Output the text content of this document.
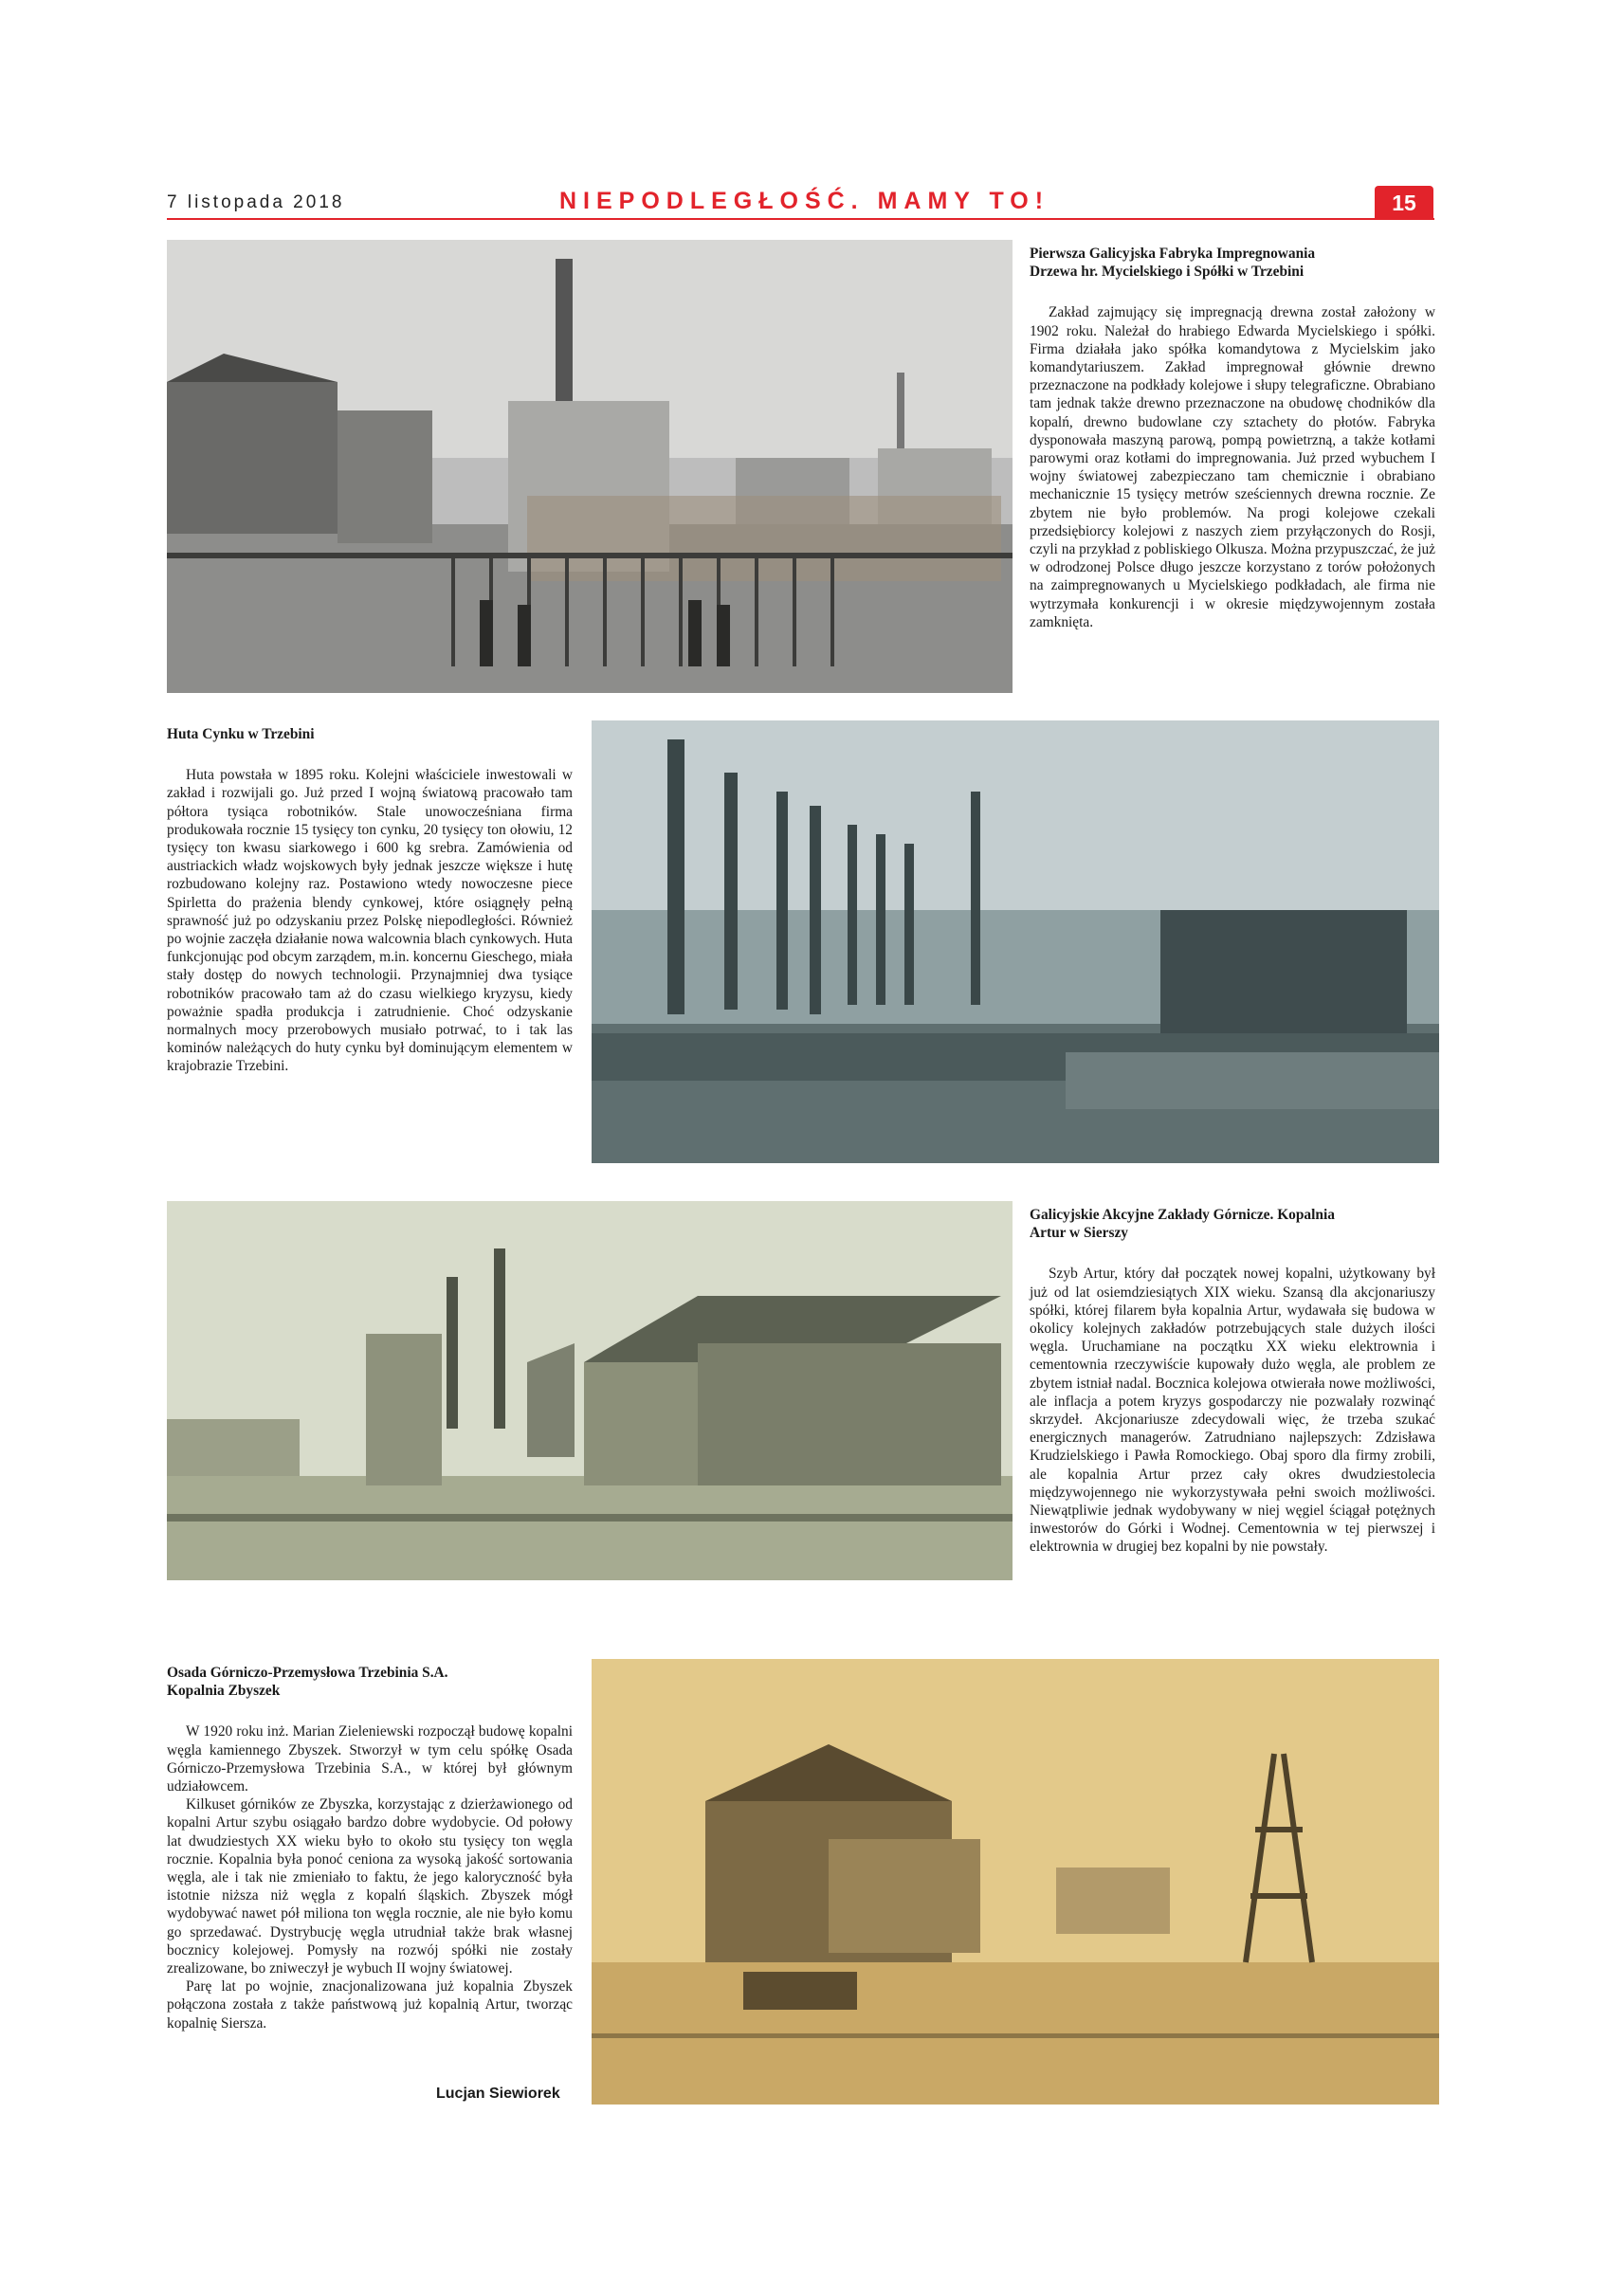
7 listopada 2018	NIEPODLEGŁOŚĆ. MAMY TO!	15
Pierwsza Galicyjska Fabryka Impregnowania
Drzewa hr. Mycielskiego i Spółki w Trzebini

Zakład zajmujący się impregnacją drewna został założony w 1902 roku. Należał do hrabiego Edwarda Mycielskiego i spółki. Firma działała jako spółka komandytowa z Mycielskim jako komandytariuszem. Zakład impregnował głównie drewno przeznaczone na podkłady kolejowe i słupy telegraficzne. Obrabiano tam jednak także drewno przeznaczone na obudowę chodników dla kopalń, drewno budowlane czy sztachety do płotów. Fabryka dysponowała maszyną parową, pompą powietrzną, a także kotłami parowymi oraz kotłami do impregnowania. Już przed wybuchem I wojny światowej zabezpieczano tam chemicznie i obrabiano mechanicznie 15 tysięcy metrów sześciennych drewna rocznie. Ze zbytem nie było problemów. Na progi kolejowe czekali przedsiębiorcy kolejowi z naszych ziem przyłączonych do Rosji, czyli na przykład z pobliskiego Olkusza. Można przypuszczać, że już w odrodzonej Polsce długo jeszcze korzystano z torów położonych na zaimpregnowanych u Mycielskiego podkładach, ale firma nie wytrzymała konkurencji i w okresie międzywojennym została zamknięta.

Huta Cynku w Trzebini

Huta powstała w 1895 roku. Kolejni właściciele inwestowali w zakład i rozwijali go. Już przed I wojną światową pracowało tam półtora tysiąca robotników. Stale unowocześniana firma produkowała rocznie 15 tysięcy ton cynku, 20 tysięcy ton ołowiu, 12 tysięcy ton kwasu siarkowego i 600 kg srebra. Zamówienia od austriackich władz wojskowych były jednak jeszcze większe i hutę rozbudowano kolejny raz. Postawiono wtedy nowoczesne piece Spirletta do prażenia blendy cynkowej, które osiągnęły pełną sprawność już po odzyskaniu przez Polskę niepodległości. Również po wojnie zaczęła działanie nowa walcownia blach cynkowych. Huta funkcjonując pod obcym zarządem, m.in. koncernu Gieschego, miała stały dostęp do nowych technologii. Przynajmniej dwa tysiące robotników pracowało tam aż do czasu wielkiego kryzysu, kiedy poważnie spadła produkcja i zatrudnienie. Choć odzyskanie normalnych mocy przerobowych musiało potrwać, to i tak las kominów należących do huty cynku był dominującym elementem w krajobrazie Trzebini.

Galicyjskie Akcyjne Zakłady Górnicze. Kopalnia
Artur w Sierszy

Szyb Artur, który dał początek nowej kopalni, użytkowany był już od lat osiemdziesiątych XIX wieku. Szansą dla akcjonariuszy spółki, której filarem była kopalnia Artur, wydawała się budowa w okolicy kolejnych zakładów potrzebujących stale dużych ilości węgla. Uruchamiane na początku XX wieku elektrownia i cementownia rzeczywiście kupowały dużo węgla, ale problem ze zbytem istniał nadal. Bocznica kolejowa otwierała nowe możliwości, ale inflacja a potem kryzys gospodarczy nie pozwalały rozwinąć skrzydeł. Akcjonariusze zdecydowali więc, że trzeba szukać energicznych managerów. Zatrudniano najlepszych: Zdzisława Krudzielskiego i Pawła Romockiego. Obaj sporo dla firmy zrobili, ale kopalnia Artur przez cały okres dwudziestolecia międzywojennego nie wykorzystywała pełni swoich możliwości. Niewątpliwie jednak wydobywany w niej węgiel ściągał potężnych inwestorów do Górki i Wodnej. Cementownia w tej pierwszej i elektrownia w drugiej bez kopalni by nie powstały.

Osada Górniczo-Przemysłowa Trzebinia S.A.
Kopalnia Zbyszek

W 1920 roku inż. Marian Zieleniewski rozpoczął budowę kopalni węgla kamiennego Zbyszek. Stworzył w tym celu spółkę Osada Górniczo-Przemysłowa Trzebinia S.A., w której był głównym udziałowcem.

Kilkuset górników ze Zbyszka, korzystając z dzierżawionego od kopalni Artur szybu osiągało bardzo dobre wydobycie. Od połowy lat dwudziestych XX wieku było to około stu tysięcy ton węgla rocznie. Kopalnia była ponoć ceniona za wysoką jakość sortowania węgla, ale i tak nie zmieniało to faktu, że jego kaloryczność była istotnie niższa niż węgla z kopalń śląskich. Zbyszek mógł wydobywać nawet pół miliona ton węgla rocznie, ale nie było komu go sprzedawać. Dystrybucję węgla utrudniał także brak własnej bocznicy kolejowej. Pomysły na rozwój spółki nie zostały zrealizowane, bo zniweczył je wybuch II wojny światowej.

Parę lat po wojnie, znacjonalizowana już kopalnia Zbyszek połączona została z także państwową już kopalnią Artur, tworząc kopalnię Siersza.

Lucjan Siewiorek
